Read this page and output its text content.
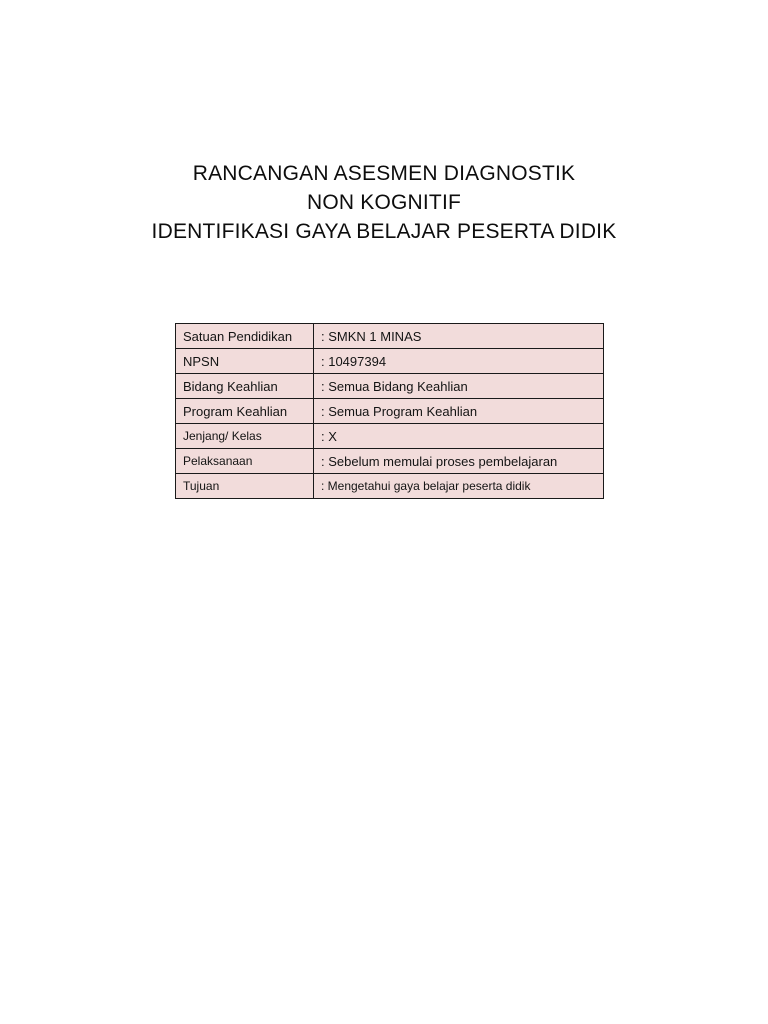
RANCANGAN ASESMEN DIAGNOSTIK

NON KOGNITIF

IDENTIFIKASI GAYA BELAJAR PESERTA DIDIK

Satuan Pendidikan	: SMKN 1 MINAS
NPSN	: 10497394
Bidang Keahlian	: Semua Bidang Keahlian
Program Keahlian	: Semua Program Keahlian
Jenjang/ Kelas	: X
Pelaksanaan	: Sebelum memulai proses pembelajaran
Tujuan	: Mengetahui gaya belajar peserta didik
